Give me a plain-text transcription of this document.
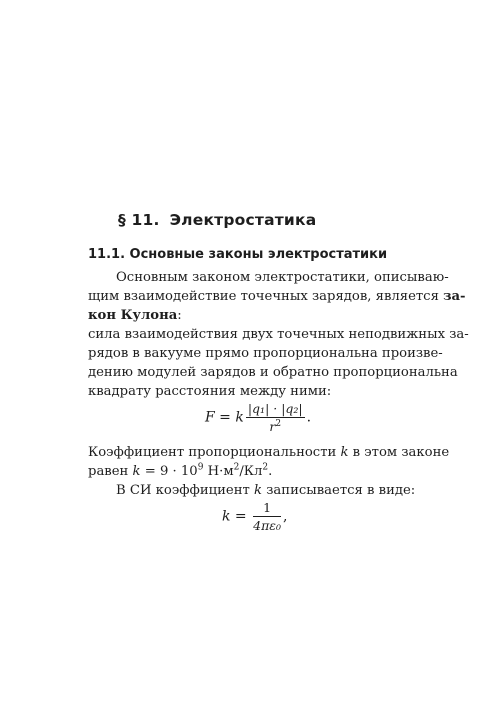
§ 11. Электростатика
11.1. Основные законы электростатики
Основным законом электростатики, описываю-
щим взаимодействие точечных зарядов, является за-
кон Кулона:
сила взаимодействия двух точечных неподвижных за-
рядов в вакууме прямо пропорциональна произве-
дению модулей зарядов и обратно пропорциональна
квадрату расстояния между ними:
F = k $\frac{\text{|q₁| · |q₂|}}{r^2}$ .
Коэффициент пропорциональности k в этом законе
равен $k = 9 \cdot 10^9$ $Н\cdot м^2/Кл^2$.
В СИ коэффициент k записывается в виде:
$k = \frac{1}{\text{4πε₀}}$ ,
